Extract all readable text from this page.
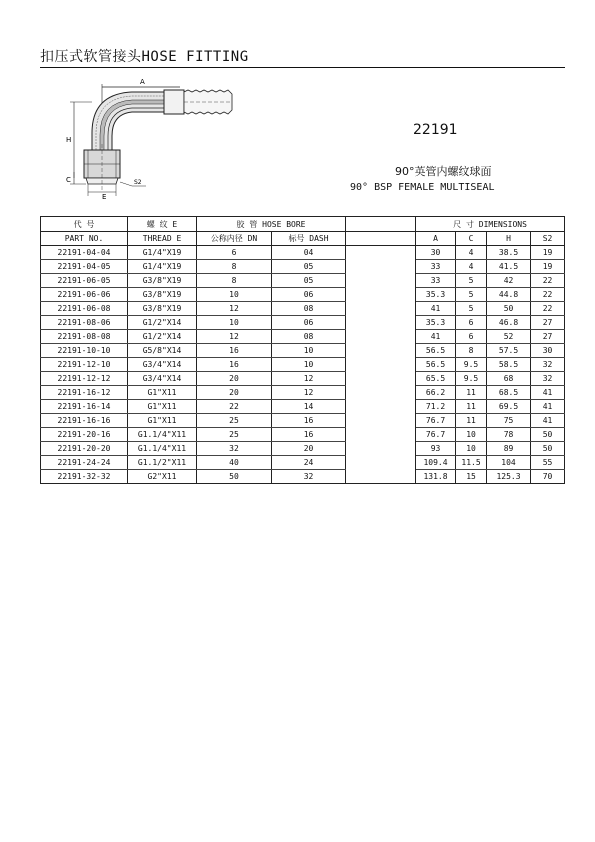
扣压式软管接头HOSE FITTING
A
H
C
E
S2
22191
90°英管内螺纹球面
90° BSP FEMALE MULTISEAL
代 号	螺 纹 E	胶 管 HOSE BORE			尺 寸 DIMENSIONS			
PART NO.	THREAD E	公称内径 DN	标号 DASH		A	C	H	S2
22191-04-04	G1/4"X19	6	04		30	4	38.5	19
22191-04-05	G1/4"X19	8	05		33	4	41.5	19
22191-06-05	G3/8"X19	8	05		33	5	42	22
22191-06-06	G3/8"X19	10	06		35.3	5	44.8	22
22191-06-08	G3/8"X19	12	08		41	5	50	22
22191-08-06	G1/2"X14	10	06		35.3	6	46.8	27
22191-08-08	G1/2"X14	12	08		41	6	52	27
22191-10-10	G5/8"X14	16	10		56.5	8	57.5	30
22191-12-10	G3/4"X14	16	10		56.5	9.5	58.5	32
22191-12-12	G3/4"X14	20	12		65.5	9.5	68	32
22191-16-12	G1"X11	20	12		66.2	11	68.5	41
22191-16-14	G1"X11	22	14		71.2	11	69.5	41
22191-16-16	G1"X11	25	16		76.7	11	75	41
22191-20-16	G1.1/4"X11	25	16		76.7	10	78	50
22191-20-20	G1.1/4"X11	32	20		93	10	89	50
22191-24-24	G1.1/2"X11	40	24		109.4	11.5	104	55
22191-32-32	G2"X11	50	32		131.8	15	125.3	70
